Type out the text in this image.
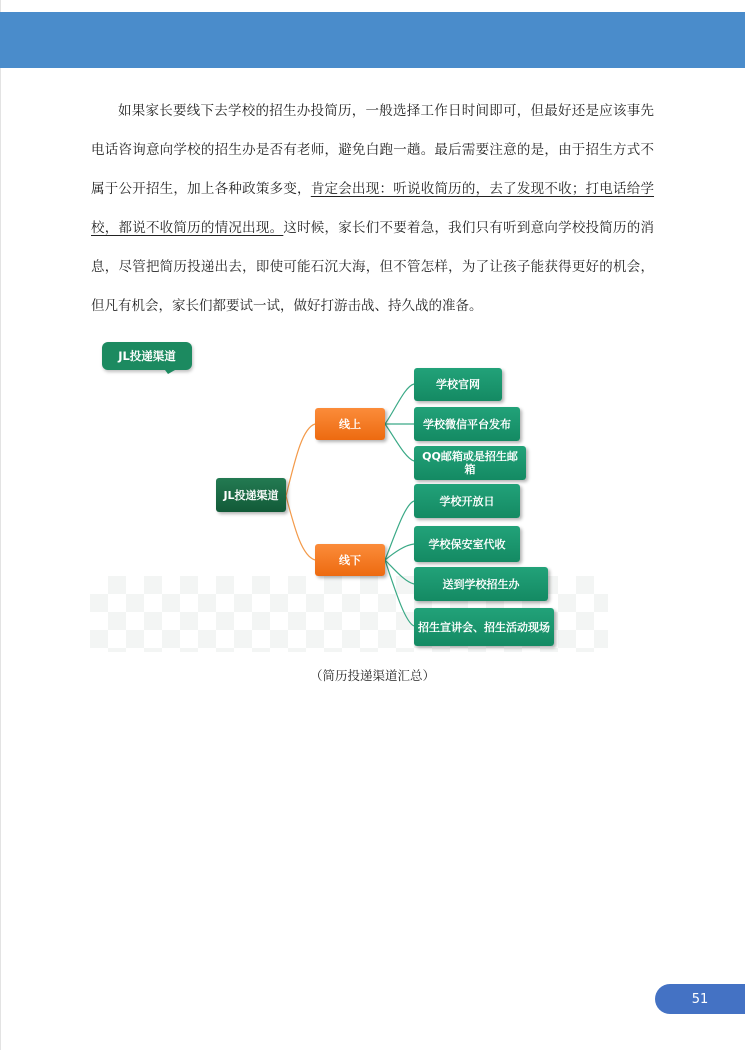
如果家长要线下去学校的招生办投简历，一般选择工作日时间即可，但最好还是应该事先电话咨询意向学校的招生办是否有老师，避免白跑一趟。最后需要注意的是，由于招生方式不属于公开招生，加上各种政策多变，肯定会出现：听说收简历的，去了发现不收；打电话给学校，都说不收简历的情况出现。这时候，家长们不要着急，我们只有听到意向学校投简历的消息，尽管把简历投递出去，即使可能石沉大海，但不管怎样，为了让孩子能获得更好的机会，但凡有机会，家长们都要试一试，做好打游击战、持久战的准备。

JL投递渠道
JL投递渠道
线上
线下
学校官网
学校微信平台发布
QQ邮箱或是招生邮箱
学校开放日
学校保安室代收
送到学校招生办
招生宣讲会、招生活动现场
（简历投递渠道汇总）
51
